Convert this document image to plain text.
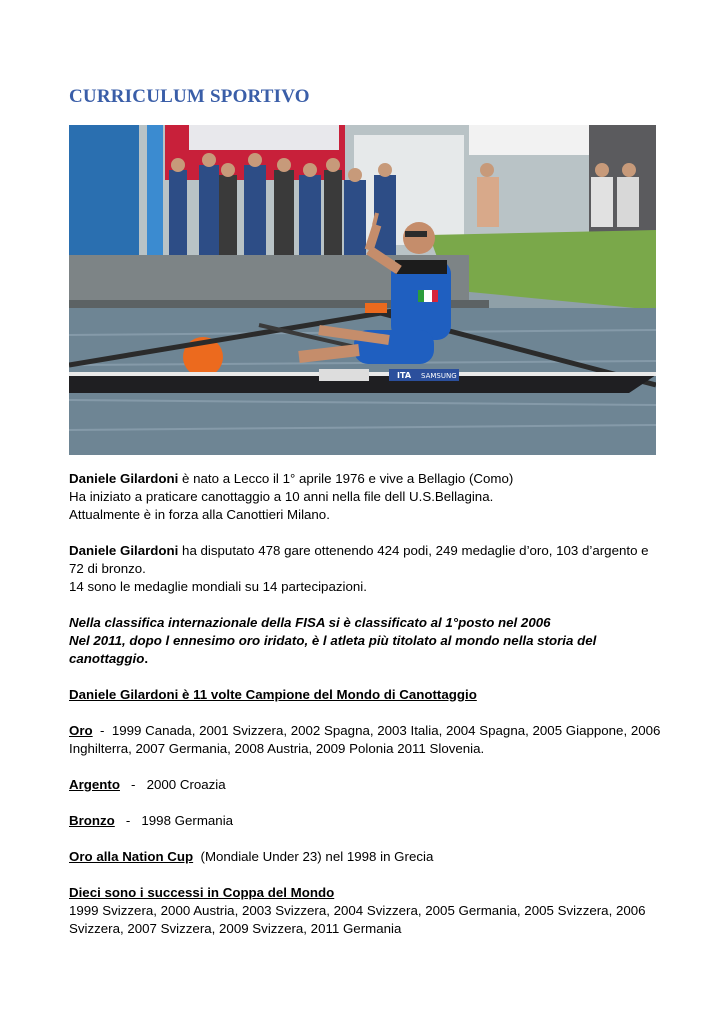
CURRICULUM SPORTIVO
ITA SAMSUNG

Daniele Gilardoni è nato a Lecco il 1° aprile 1976 e vive a Bellagio (Como)

Ha iniziato a praticare canottaggio a 10 anni nella file dell U.S.Bellagina.

Attualmente è in forza alla Canottieri Milano.

Daniele Gilardoni ha disputato 478 gare ottenendo 424 podi, 249 medaglie d’oro, 103 d’argento e

72 di bronzo.

14 sono le medaglie mondiali su 14 partecipazioni.

Nella classifica internazionale della FISA si è classificato al 1°posto nel 2006

Nel 2011, dopo l ennesimo oro iridato, è l atleta più titolato al mondo nella storia del

canottaggio.

Daniele Gilardoni è 11 volte Campione del Mondo di Canottaggio

Oro  -  1999 Canada, 2001 Svizzera, 2002 Spagna, 2003 Italia, 2004 Spagna, 2005 Giappone, 2006

Inghilterra, 2007 Germania, 2008 Austria, 2009 Polonia 2011 Slovenia.

Argento   -   2000 Croazia

Bronzo   -   1998 Germania

Oro alla Nation Cup  (Mondiale Under 23) nel 1998 in Grecia

Dieci sono i successi in Coppa del Mondo

1999 Svizzera, 2000 Austria, 2003 Svizzera, 2004 Svizzera, 2005 Germania, 2005 Svizzera, 2006

Svizzera, 2007 Svizzera, 2009 Svizzera, 2011 Germania
